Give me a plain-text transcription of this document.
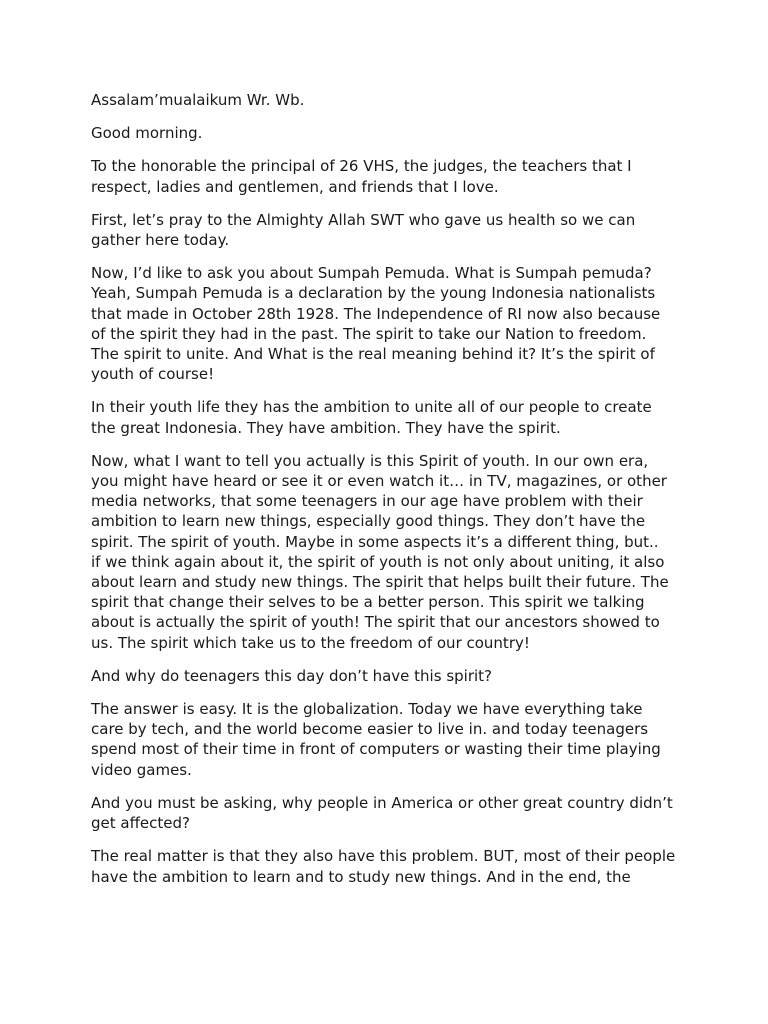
Assalam’mualaikum Wr. Wb.

Good morning.

To the honorable the principal of 26 VHS, the judges, the teachers that I
respect, ladies and gentlemen, and friends that I love.

First, let’s pray to the Almighty Allah SWT who gave us health so we can
gather here today.

Now, I’d like to ask you about Sumpah Pemuda. What is Sumpah pemuda?
Yeah, Sumpah Pemuda is a declaration by the young Indonesia nationalists
that made in October 28th 1928. The Independence of RI now also because
of the spirit they had in the past. The spirit to take our Nation to freedom.
The spirit to unite. And What is the real meaning behind it? It’s the spirit of
youth of course!

In their youth life they has the ambition to unite all of our people to create
the great Indonesia. They have ambition. They have the spirit.

Now, what I want to tell you actually is this Spirit of youth. In our own era,
you might have heard or see it or even watch it… in TV, magazines, or other
media networks, that some teenagers in our age have problem with their
ambition to learn new things, especially good things. They don’t have the
spirit. The spirit of youth. Maybe in some aspects it’s a different thing, but..
if we think again about it, the spirit of youth is not only about uniting, it also
about learn and study new things. The spirit that helps built their future. The
spirit that change their selves to be a better person. This spirit we talking
about is actually the spirit of youth! The spirit that our ancestors showed to
us. The spirit which take us to the freedom of our country!

And why do teenagers this day don’t have this spirit?

The answer is easy. It is the globalization. Today we have everything take
care by tech, and the world become easier to live in. and today teenagers
spend most of their time in front of computers or wasting their time playing
video games.

And you must be asking, why people in America or other great country didn’t
get affected?

The real matter is that they also have this problem. BUT, most of their people
have the ambition to learn and to study new things. And in the end, the
